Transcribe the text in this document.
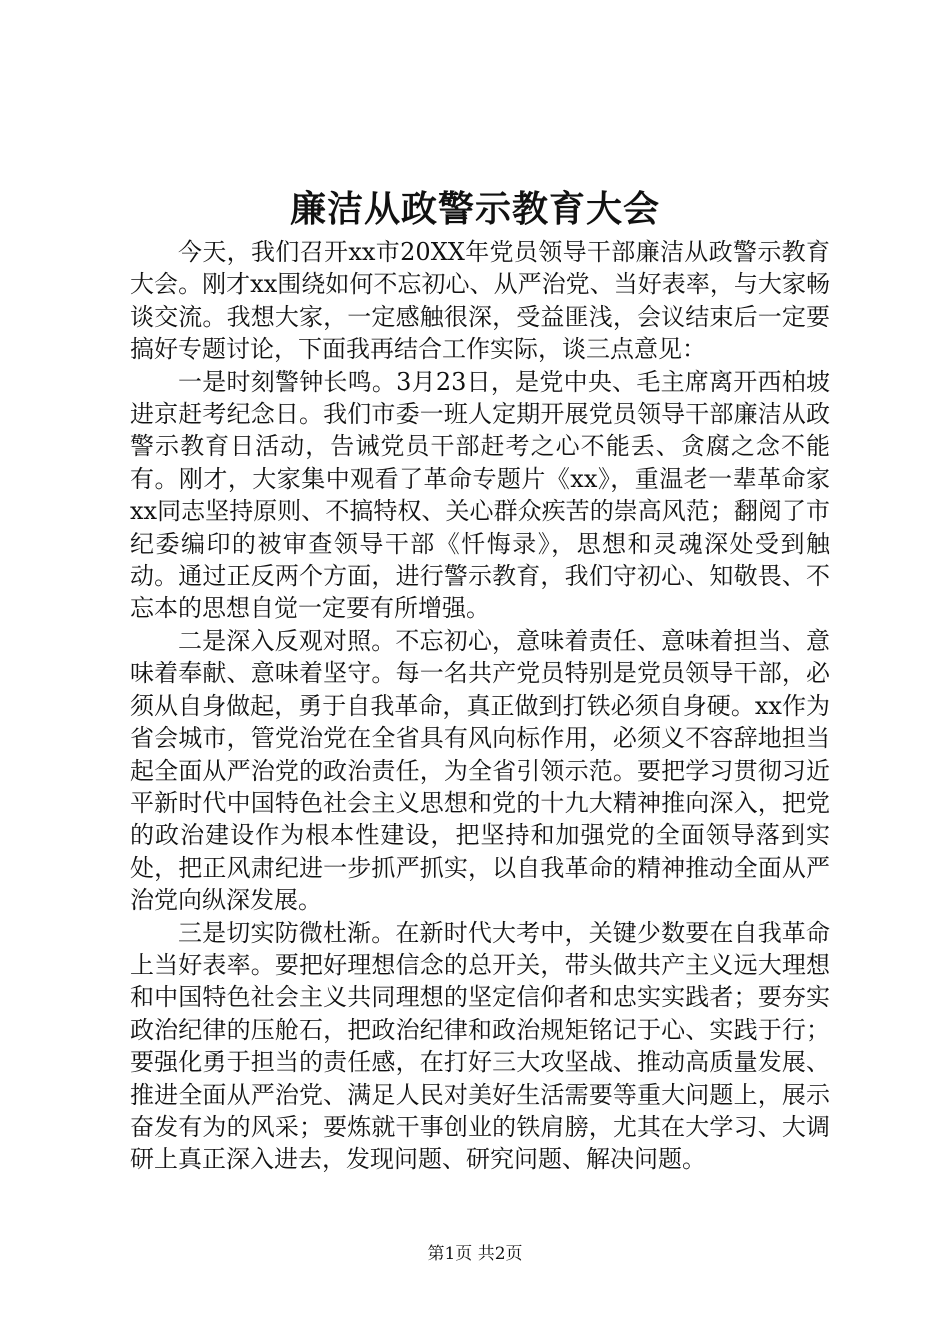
廉洁从政警示教育大会

今天，我们召开xx市20XX年党员领导干部廉洁从政警示教育大会。刚才xx围绕如何不忘初心、从严治党、当好表率，与大家畅谈交流。我想大家，一定感触很深，受益匪浅，会议结束后一定要搞好专题讨论，下面我再结合工作实际，谈三点意见：

一是时刻警钟长鸣。3月23日，是党中央、毛主席离开西柏坡进京赶考纪念日。我们市委一班人定期开展党员领导干部廉洁从政警示教育日活动，告诫党员干部赶考之心不能丢、贪腐之念不能有。刚才，大家集中观看了革命专题片《xx》，重温老一辈革命家xx同志坚持原则、不搞特权、关心群众疾苦的崇高风范；翻阅了市纪委编印的被审查领导干部《忏悔录》，思想和灵魂深处受到触动。通过正反两个方面，进行警示教育，我们守初心、知敬畏、不忘本的思想自觉一定要有所增强。

二是深入反观对照。不忘初心，意味着责任、意味着担当、意味着奉献、意味着坚守。每一名共产党员特别是党员领导干部，必须从自身做起，勇于自我革命，真正做到打铁必须自身硬。xx作为省会城市，管党治党在全省具有风向标作用，必须义不容辞地担当起全面从严治党的政治责任，为全省引领示范。要把学习贯彻习近平新时代中国特色社会主义思想和党的十九大精神推向深入，把党的政治建设作为根本性建设，把坚持和加强党的全面领导落到实处，把正风肃纪进一步抓严抓实，以自我革命的精神推动全面从严治党向纵深发展。

三是切实防微杜渐。在新时代大考中，关键少数要在自我革命上当好表率。要把好理想信念的总开关，带头做共产主义远大理想和中国特色社会主义共同理想的坚定信仰者和忠实实践者；要夯实政治纪律的压舱石，把政治纪律和政治规矩铭记于心、实践于行；要强化勇于担当的责任感，在打好三大攻坚战、推动高质量发展、推进全面从严治党、满足人民对美好生活需要等重大问题上，展示奋发有为的风采；要炼就干事创业的铁肩膀，尤其在大学习、大调研上真正深入进去，发现问题、研究问题、解决问题。

第1页 共2页
